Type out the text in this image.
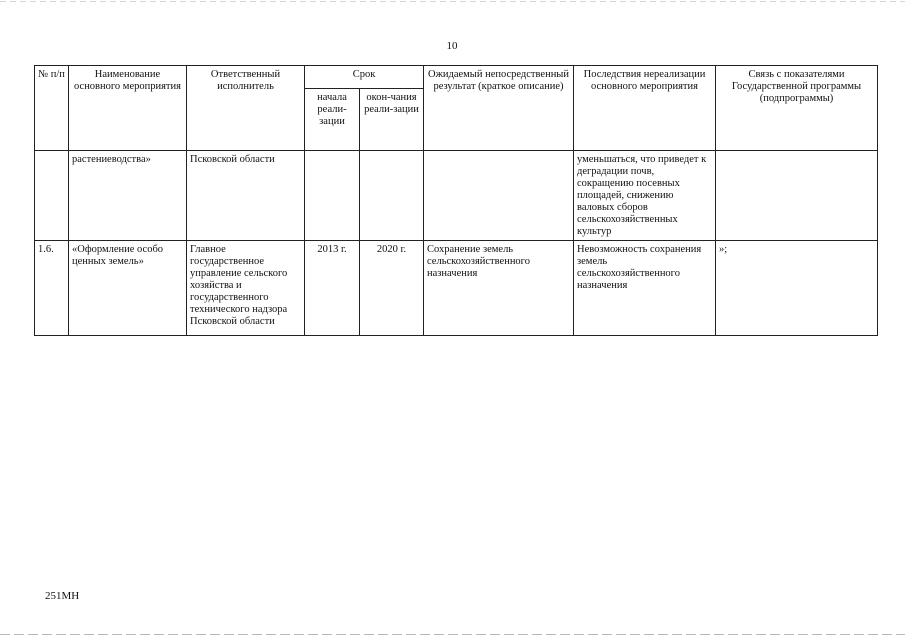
10
№ п/п	Наименование основного мероприятия	Ответственный исполнитель	Срок		Ожидаемый непосредственный результат (краткое описание)	Последствия нереализации основного мероприятия	Связь с показателями Государственной программы (подпрограммы)
			начала реали-зации	окон-чания реали-зации			
	растениеводства»	Псковской области				уменьшаться, что приведет к деградации почв, сокращению посевных площадей, снижению валовых сборов сельскохозяйственных культур	
1.6.	«Оформление особо ценных земель»	Главное государственное управление сельского хозяйства и государственного технического надзора Псковской области	2013 г.	2020 г.	Сохранение земель сельскохозяйственного назначения	Невозможность сохранения земель сельскохозяйственного назначения	»;
251МН
